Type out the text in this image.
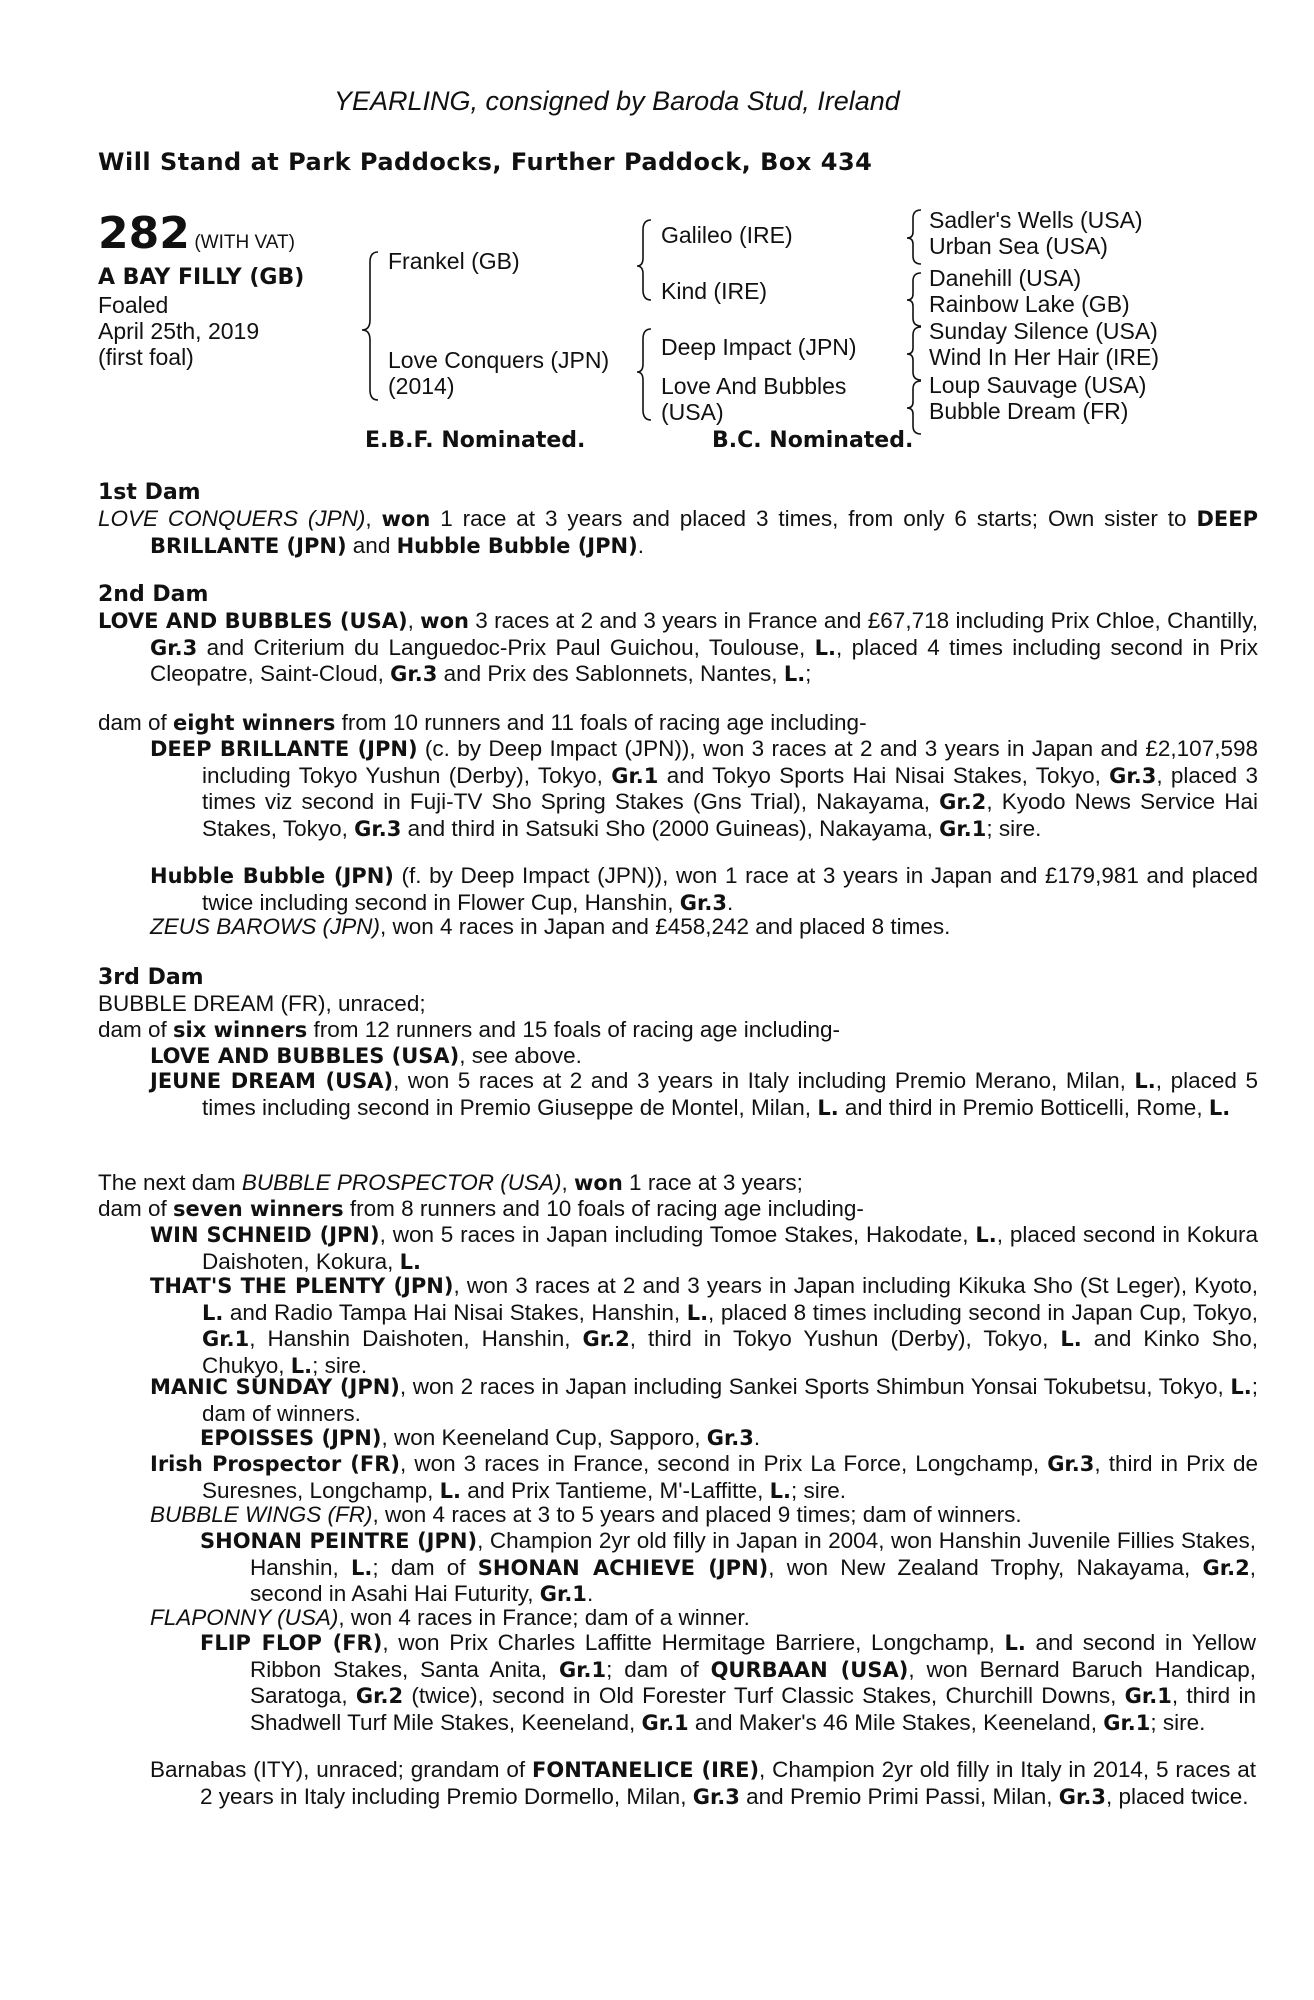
YEARLING, consigned by Baroda Stud, Ireland
Will Stand at Park Paddocks, Further Paddock, Box 434
282 (WITH VAT)
A BAY FILLY (GB)
Foaled
April 25th, 2019
(first foal)
Frankel (GB)
Love Conquers (JPN)
(2014)
Galileo (IRE)
Kind (IRE)
Deep Impact (JPN)
Love And Bubbles
(USA)
Sadler's Wells (USA)
Urban Sea (USA)
Danehill (USA)
Rainbow Lake (GB)
Sunday Silence (USA)
Wind In Her Hair (IRE)
Loup Sauvage (USA)
Bubble Dream (FR)
E.B.F. Nominated.	B.C. Nominated.
1st Dam
LOVE CONQUERS (JPN), won 1 race at 3 years and placed 3 times, from only 6 starts; Own sister to DEEP BRILLANTE (JPN) and Hubble Bubble (JPN).
2nd Dam
LOVE AND BUBBLES (USA), won 3 races at 2 and 3 years in France and £67,718 including Prix Chloe, Chantilly, Gr.3 and Criterium du Languedoc-Prix Paul Guichou, Toulouse, L., placed 4 times including second in Prix Cleopatre, Saint-Cloud, Gr.3 and Prix des Sablonnets, Nantes, L.;
dam of eight winners from 10 runners and 11 foals of racing age including-
DEEP BRILLANTE (JPN) (c. by Deep Impact (JPN)), won 3 races at 2 and 3 years in Japan and £2,107,598 including Tokyo Yushun (Derby), Tokyo, Gr.1 and Tokyo Sports Hai Nisai Stakes, Tokyo, Gr.3, placed 3 times viz second in Fuji-TV Sho Spring Stakes (Gns Trial), Nakayama, Gr.2, Kyodo News Service Hai Stakes, Tokyo, Gr.3 and third in Satsuki Sho (2000 Guineas), Nakayama, Gr.1; sire.
Hubble Bubble (JPN) (f. by Deep Impact (JPN)), won 1 race at 3 years in Japan and £179,981 and placed twice including second in Flower Cup, Hanshin, Gr.3.
ZEUS BAROWS (JPN), won 4 races in Japan and £458,242 and placed 8 times.
3rd Dam
BUBBLE DREAM (FR), unraced;
dam of six winners from 12 runners and 15 foals of racing age including-
LOVE AND BUBBLES (USA), see above.
JEUNE DREAM (USA), won 5 races at 2 and 3 years in Italy including Premio Merano, Milan, L., placed 5 times including second in Premio Giuseppe de Montel, Milan, L. and third in Premio Botticelli, Rome, L.
The next dam BUBBLE PROSPECTOR (USA), won 1 race at 3 years;
dam of seven winners from 8 runners and 10 foals of racing age including-
WIN SCHNEID (JPN), won 5 races in Japan including Tomoe Stakes, Hakodate, L., placed second in Kokura Daishoten, Kokura, L.
THAT'S THE PLENTY (JPN), won 3 races at 2 and 3 years in Japan including Kikuka Sho (St Leger), Kyoto, L. and Radio Tampa Hai Nisai Stakes, Hanshin, L., placed 8 times including second in Japan Cup, Tokyo, Gr.1, Hanshin Daishoten, Hanshin, Gr.2, third in Tokyo Yushun (Derby), Tokyo, L. and Kinko Sho, Chukyo, L.; sire.
MANIC SUNDAY (JPN), won 2 races in Japan including Sankei Sports Shimbun Yonsai Tokubetsu, Tokyo, L.; dam of winners.
EPOISSES (JPN), won Keeneland Cup, Sapporo, Gr.3.
Irish Prospector (FR), won 3 races in France, second in Prix La Force, Longchamp, Gr.3, third in Prix de Suresnes, Longchamp, L. and Prix Tantieme, M'-Laffitte, L.; sire.
BUBBLE WINGS (FR), won 4 races at 3 to 5 years and placed 9 times; dam of winners.
SHONAN PEINTRE (JPN), Champion 2yr old filly in Japan in 2004, won Hanshin Juvenile Fillies Stakes, Hanshin, L.; dam of SHONAN ACHIEVE (JPN), won New Zealand Trophy, Nakayama, Gr.2, second in Asahi Hai Futurity, Gr.1.
FLAPONNY (USA), won 4 races in France; dam of a winner.
FLIP FLOP (FR), won Prix Charles Laffitte Hermitage Barriere, Longchamp, L. and second in Yellow Ribbon Stakes, Santa Anita, Gr.1; dam of QURBAAN (USA), won Bernard Baruch Handicap, Saratoga, Gr.2 (twice), second in Old Forester Turf Classic Stakes, Churchill Downs, Gr.1, third in Shadwell Turf Mile Stakes, Keeneland, Gr.1 and Maker's 46 Mile Stakes, Keeneland, Gr.1; sire.
Barnabas (ITY), unraced; grandam of FONTANELICE (IRE), Champion 2yr old filly in Italy in 2014, 5 races at 2 years in Italy including Premio Dormello, Milan, Gr.3 and Premio Primi Passi, Milan, Gr.3, placed twice.
